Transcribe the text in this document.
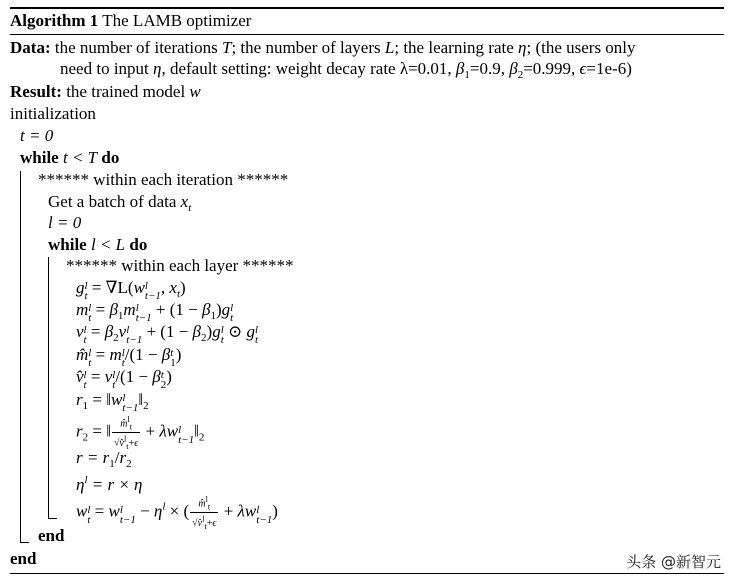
Algorithm 1 The LAMB optimizer
Data: the number of iterations T; the number of layers L; the learning rate η; (the users only
need to input η, default setting: weight decay rate λ=0.01, $\beta_1=0.9$, $\beta_2=0.999$, ϵ=1e-6)
Result: the trained model w
initialization
t = 0
while t < T do
****** within each iteration ******
Get a batch of data $x_t$
l = 0
while l < L do
****** within each layer ******
g l
t = ∇L(w l
t−1 , $x_t$)
m l
$t = \beta_1m$ l
$t-1 + (1 - \beta_1)g$ l
t
v l
$t = \beta_2v$ l
$t-1 + (1 - \beta_2)g$ l
t ⊙ g l
t
m̂ l
t = m l
t /(1 − β t
1 )
v̂ l
t = v l
t /(1 − β t
2 )
$r_1$ = ‖w l
t−1 $‖_2$
$r_2$ = ‖ $\frac{m̂^l_t}{√v̂^l_t+\epsilon} + \lambda w$ l
t−1 $‖_2$
$r = r_1/r_2$
$\eta^l = r \times \eta$
w l
t = w l
$t-1 - \eta^l$ × ( $\frac{m̂^l_t}{√v̂^l_t+\epsilon} + \lambda w$ l
t−1 )
end
end	头条 @新智元
